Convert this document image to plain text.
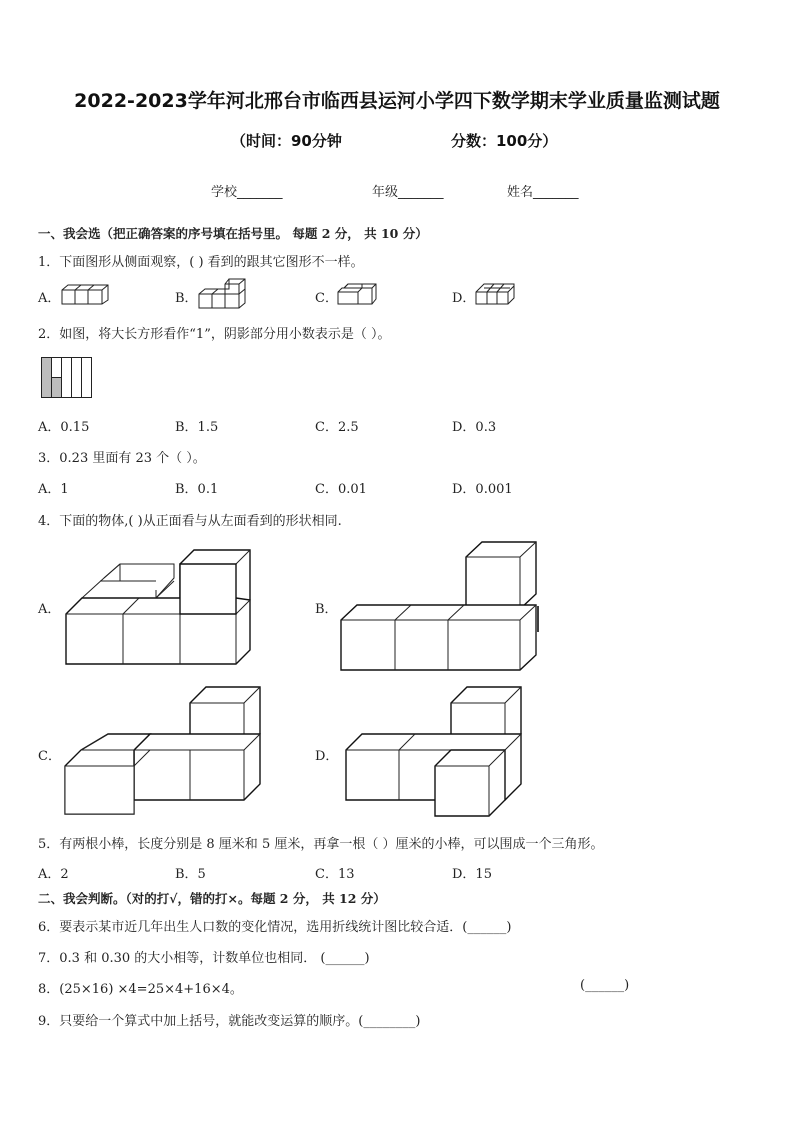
2022-2023学年河北邢台市临西县运河小学四下数学期末学业质量监测试题
（时间：90分钟	分数：100分）
学校_______	年级_______	姓名_______
一、我会选（把正确答案的序号填在括号里。 每题 2 分， 共 10 分）
1．下面图形从侧面观察，( ) 看到的跟其它图形不一样。
A．	B．	C．	D．
2．如图，将大长方形看作“1”，阴影部分用小数表示是（ ）。
A．0.15	B．1.5	C．2.5	D．0.3
3．0.23 里面有 23 个（ ）。
A．1	B．0.1	C．0.01	D．0.001
4．下面的物体,( )从正面看与从左面看到的形状相同.
A．	B．
C．	D．
5．有两根小棒，长度分别是 8 厘米和 5 厘米，再拿一根（ ）厘米的小棒，可以围成一个三角形。
A．2	B．5	C．13	D．15
二、我会判断。（对的打√，错的打×。每题 2 分， 共 12 分）
6．要表示某市近几年出生人口数的变化情况，选用折线统计图比较合适．(______)
7．0.3 和 0.30 的大小相等，计数单位也相同． (______)
8．(25×16) ×4=25×4+16×4。	(______)
9．只要给一个算式中加上括号，就能改变运算的顺序。(________)
